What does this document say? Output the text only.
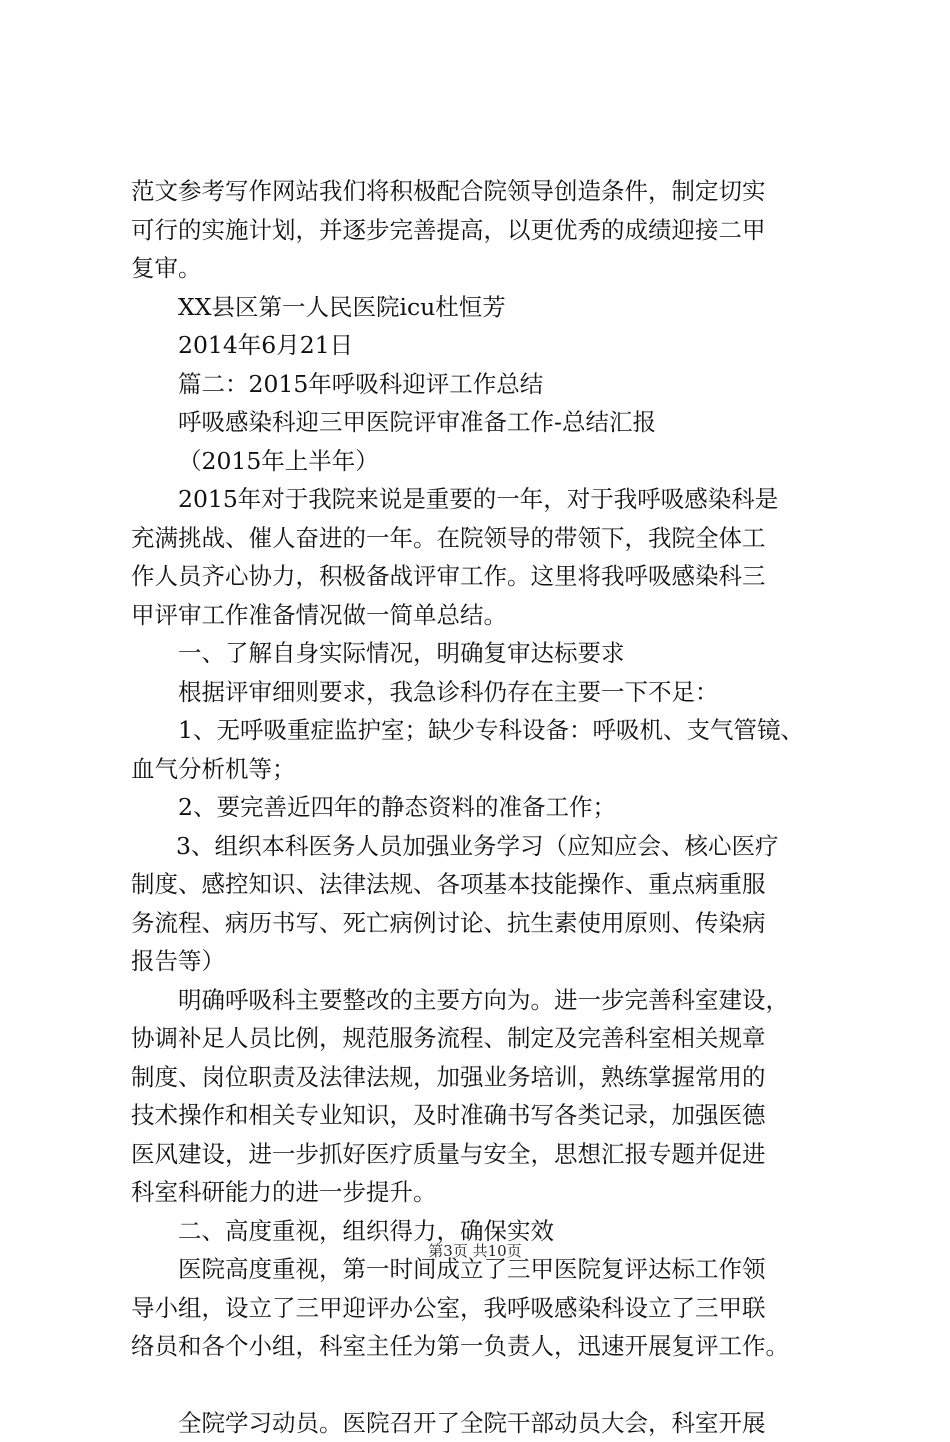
范文参考写作网站我们将积极配合院领导创造条件，制定切实
可行的实施计划，并逐步完善提高，以更优秀的成绩迎接二甲
复审。
XX县区第一人民医院icu杜恒芳
2014年6月21日
篇二：2015年呼吸科迎评工作总结
呼吸感染科迎三甲医院评审准备工作-总结汇报
（2015年上半年）
2015年对于我院来说是重要的一年，对于我呼吸感染科是
充满挑战、催人奋进的一年。在院领导的带领下，我院全体工
作人员齐心协力，积极备战评审工作。这里将我呼吸感染科三
甲评审工作准备情况做一简单总结。
一、了解自身实际情况，明确复审达标要求
根据评审细则要求，我急诊科仍存在主要一下不足：
1、无呼吸重症监护室；缺少专科设备：呼吸机、支气管镜、
血气分析机等；
2、要完善近四年的静态资料的准备工作；
3、组织本科医务人员加强业务学习（应知应会、核心医疗
制度、感控知识、法律法规、各项基本技能操作、重点病重服
务流程、病历书写、死亡病例讨论、抗生素使用原则、传染病
报告等）
明确呼吸科主要整改的主要方向为。进一步完善科室建设，
协调补足人员比例，规范服务流程、制定及完善科室相关规章
制度、岗位职责及法律法规，加强业务培训，熟练掌握常用的
技术操作和相关专业知识，及时准确书写各类记录，加强医德
医风建设，进一步抓好医疗质量与安全，思想汇报专题并促进
科室科研能力的进一步提升。
二、高度重视，组织得力，确保实效
医院高度重视，第一时间成立了三甲医院复评达标工作领
导小组，设立了三甲迎评办公室，我呼吸感染科设立了三甲联
络员和各个小组，科室主任为第一负责人，迅速开展复评工作。
全院学习动员。医院召开了全院干部动员大会，科室开展
第3页 共10页
